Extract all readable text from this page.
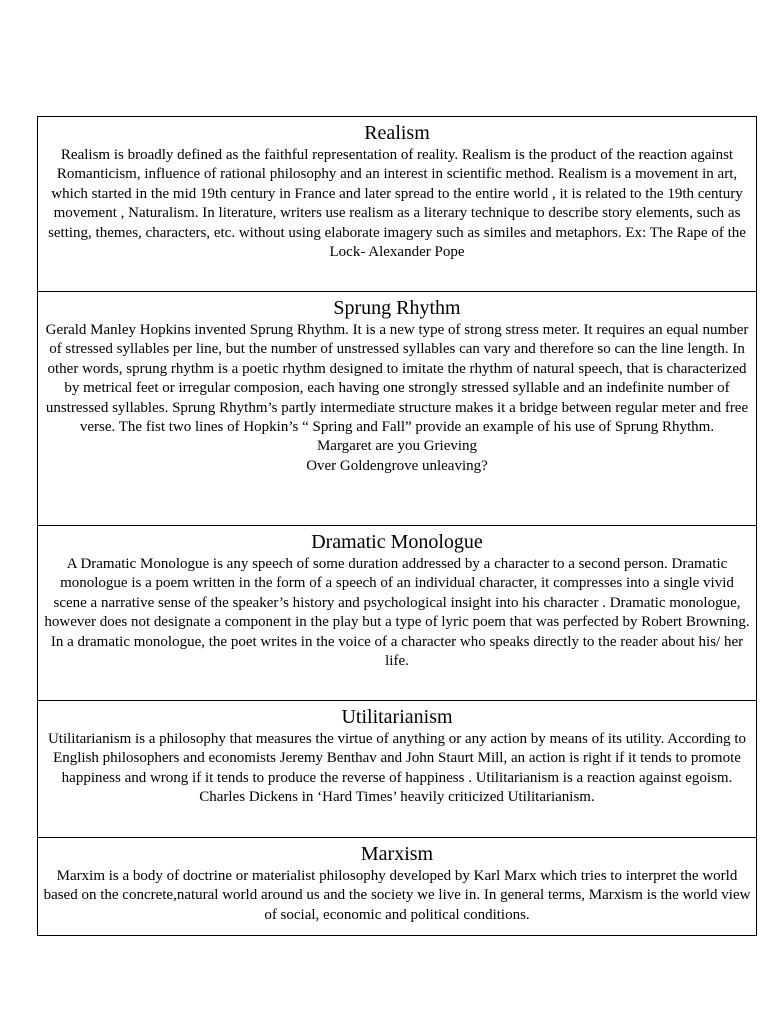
Realism

Realism is broadly defined as the faithful representation of reality. Realism is the product of the reaction against Romanticism, influence of rational philosophy and an interest in scientific method. Realism is a movement in art, which started in the mid 19th century in France and later spread to the entire world , it is related to the 19th century movement , Naturalism. In literature, writers use realism as a literary technique to describe story elements, such as setting, themes, characters, etc. without using elaborate imagery such as similes and metaphors. Ex: The Rape of the Lock- Alexander Pope

Sprung Rhythm

Gerald Manley Hopkins invented Sprung Rhythm. It is a new type of strong stress meter. It requires an equal number of stressed syllables per line, but the number of unstressed syllables can vary and therefore so can the line length. In other words, sprung rhythm is a poetic rhythm designed to imitate the rhythm of natural speech, that is characterized by metrical feet or irregular composion, each having one strongly stressed syllable and an indefinite number of unstressed syllables. Sprung Rhythm’s partly intermediate structure makes it a bridge between regular meter and free verse. The fist two lines of Hopkin’s “ Spring and Fall” provide an example of his use of Sprung Rhythm.
Margaret are you Grieving
Over Goldengrove unleaving?

Dramatic Monologue

A Dramatic Monologue is any speech of some duration addressed by a character to a second person. Dramatic monologue is a poem written in the form of a speech of an individual character, it compresses into a single vivid scene a narrative sense of the speaker’s history and psychological insight into his character . Dramatic monologue, however does not designate a component in the play but a type of lyric poem that was perfected by Robert Browning. In a dramatic monologue, the poet writes in the voice of a character who speaks directly to the reader about his/ her life.

Utilitarianism

Utilitarianism is a philosophy that measures the virtue of anything or any action by means of its utility. According to English philosophers and economists Jeremy Benthav and John Staurt Mill, an action is right if it tends to promote happiness and wrong if it tends to produce the reverse of happiness . Utilitarianism is a reaction against egoism. Charles Dickens in ‘Hard Times’ heavily criticized Utilitarianism.

Marxism

Marxim is a body of doctrine or materialist philosophy developed by Karl Marx which tries to interpret the world based on the concrete,natural world around us and the society we live in. In general terms, Marxism is the world view of social, economic and political conditions.
